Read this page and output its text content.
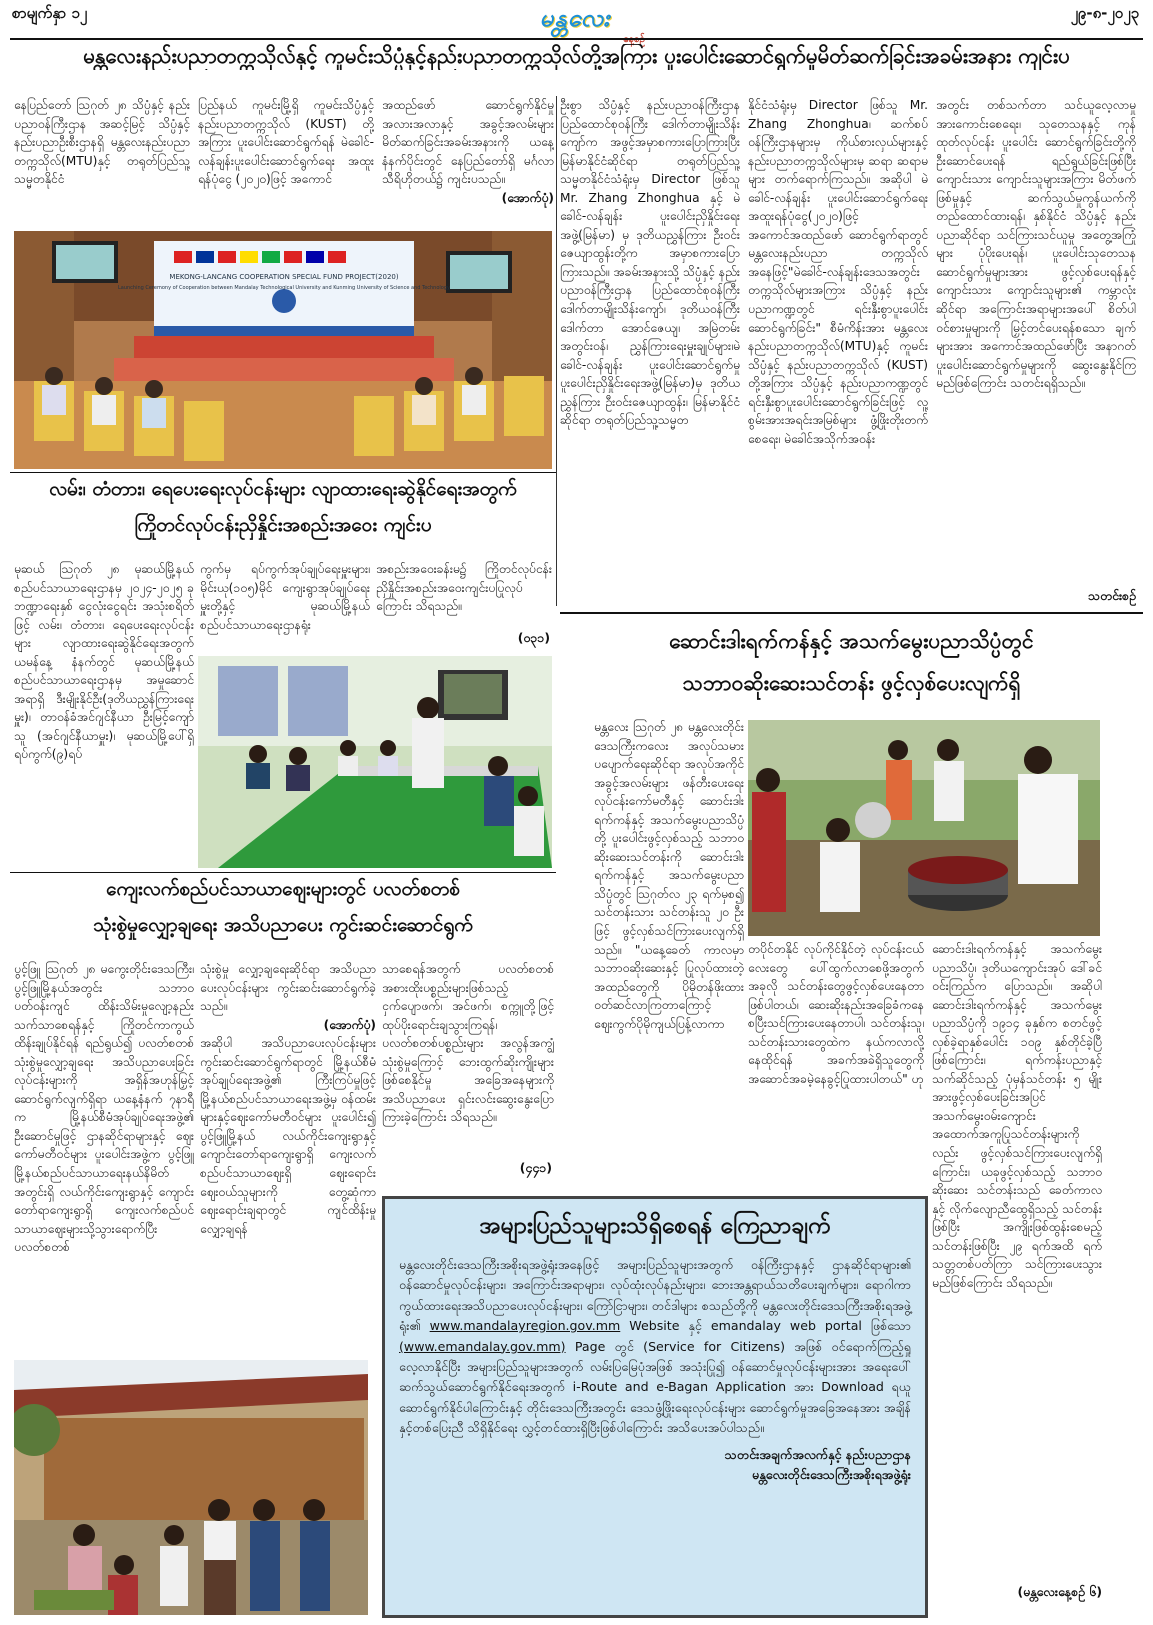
စာမျက်နှာ ၁၂	မန္တလေး	၂၉-၈-၂၀၂၃
မန္တလေးနည်းပညာတက္ကသိုလ်နှင့် ကူမင်းသိပ္ပံနှင့်နည်းပညာတက္ကသိုလ်တို့အကြား ပူးပေါင်းဆောင်ရွက်မှုမိတ်ဆက်ခြင်းအခမ်းအနား ကျင်းပ

နေပြည်တော် ဩဂုတ် ၂၈ သိပ္ပံနှင့် နည်းပညာဝန်ကြီးဌာန အဆင့်မြင့် သိပ္ပံနှင့် နည်းပညာဦးစီးဌာနရှိ မန္တလေးနည်းပညာတက္ကသိုလ်(MTU)နှင့် တရုတ်ပြည်သူ့သမ္မတနိုင်ငံ

ပြည်နယ် ကူမင်းမြို့ရှိ ကူမင်းသိပ္ပံနှင့် နည်းပညာတက္ကသိုလ် (KUST) တို့အကြား ပူးပေါင်းဆောင်ရွက်ရန် မဲခေါင်-လန်ချန်းပူးပေါင်းဆောင်ရွက်ရေး အထူးရန်ပုံငွေ (၂၀၂၀)ဖြင့် အကောင်

အထည်ဖော် ဆောင်ရွက်နိုင်မှု အလားအလာနှင့် အခွင့်အလမ်းများ မိတ်ဆက်ခြင်းအခမ်းအနားကို ယနေ့ နံနက်ပိုင်းတွင် နေပြည်တော်ရှိ မင်္ဂလာသီရိဟိုတယ်၌ ကျင်းပသည်။

(အောက်ပုံ)

MEKONG-LANCANG COOPERATION SPECIAL FUND PROJECT(2020)
Launching Ceremony of Cooperation between Mandalay Technological University and Kunming University of Science and Technology

ဦးစွာ သိပ္ပံနှင့် နည်းပညာဝန်ကြီးဌာန ပြည်ထောင်စုဝန်ကြီး ဒေါက်တာမျိုးသိန်းကျော်က အဖွင့်အမှာစကားပြောကြားပြီး မြန်မာနိုင်ငံဆိုင်ရာ တရုတ်ပြည်သူ့သမ္မတနိုင်ငံသံရုံးမှ Director ဖြစ်သူ Mr. Zhang Zhonghua နှင့် မဲခေါင်-လန်ချန်း ပူးပေါင်းညှိနှိုင်းရေးအဖွဲ့(မြန်မာ) မှ ဒုတိယညွှန်ကြား ဦးဝင်းဇေယျာထွန်းတို့က အမှာစကားပြောကြားသည်။ အခမ်းအနားသို့ သိပ္ပံနှင့် နည်းပညာဝန်ကြီးဌာန ပြည်ထောင်စုဝန်ကြီး ဒေါက်တာမျိုးသိန်းကျော်၊ ဒုတိယဝန်ကြီး ဒေါက်တာ အောင်ဇေယျ၊ အမြဲတမ်းအတွင်းဝန်၊ ညွှန်ကြားရေးမှူးချုပ်များ၊မဲခေါင်-လန်ချန်း ပူးပေါင်းဆောင်ရွက်မှု ပူးပေါင်းညှိနှိုင်းရေးအဖွဲ့(မြန်မာ)မှ ဒုတိယညွှန်ကြား ဦးဝင်းဇေယျာထွန်း၊ မြန်မာနိုင်ငံဆိုင်ရာ တရုတ်ပြည်သူ့သမ္မတ

နိုင်ငံသံရုံးမှ Director ဖြစ်သူ Mr. Zhang Zhonghua၊ ဆက်စပ်ဝန်ကြီးဌာနများမှ ကိုယ်စားလှယ်များနှင့် နည်းပညာတက္ကသိုလ်များမှ ဆရာ ဆရာမများ တက်ရောက်ကြသည်။ အဆိုပါ မဲခေါင်-လန်ချန်း ပူးပေါင်းဆောင်ရွက်ရေး အထူးရန်ပုံငွေ(၂၀၂၀)ဖြင့် အကောင်အထည်ဖော် ဆောင်ရွက်ရာတွင် မန္တလေးနည်းပညာ တက္ကသိုလ်အနေဖြင့်"မဲခေါင်-လန်ချန်းဒေသအတွင်း တက္ကသိုလ်များအကြား သိပ္ပံနှင့် နည်းပညာကဏ္ဍတွင် ရင်းနှီးစွာပူးပေါင်းဆောင်ရွက်ခြင်း" စီမံကိန်းအား မန္တလေး နည်းပညာတက္ကသိုလ်(MTU)နှင့် ကူမင်းသိပ္ပံနှင့် နည်းပညာတက္ကသိုလ် (KUST) တို့အကြား သိပ္ပံနှင့် နည်းပညာကဏ္ဍတွင် ရင်းနှီးစွာပူးပေါင်းဆောင်ရွက်ခြင်းဖြင့် လူ့စွမ်းအားအရင်းအမြစ်များ ဖွံ့ဖြိုးတိုးတက်စေရေး၊ မဲခေါင်အသိုက်အဝန်း

အတွင်း တစ်သက်တာ သင်ယူလေ့လာမှု အားကောင်းစေရေး၊ သုတေသနနှင့် ကုန်ထုတ်လုပ်ငန်း ပူးပေါင်း ဆောင်ရွက်ခြင်းတို့ကို ဦးဆောင်ပေးရန် ရည်ရွယ်ခြင်းဖြစ်ပြီး ကျောင်းသား ကျောင်းသူများအကြား မိတ်ဖက်ဖြစ်မှုနှင့် ဆက်သွယ်မှုကွန်ယက်ကို တည်ထောင်ထားရန်၊ နှစ်နိုင်ငံ သိပ္ပံနှင့် နည်းပညာဆိုင်ရာ သင်ကြားသင်ယူမှု အတွေ့အကြုံများ ပုံပိုးပေးရန်၊ ပူးပေါင်းသုတေသန ဆောင်ရွက်မှုများအား ဖွင့်လှစ်ပေးရန်နှင့် ကျောင်းသား ကျောင်းသူများ၏ ကမ္ဘာလုံးဆိုင်ရာ အကြောင်းအရာများအပေါ် စိတ်ပါဝင်စားမှုများကို မြှင့်တင်ပေးရန်စသော ချက်များအား အကောင်အထည်ဖော်ပြီး အနာဂတ် ပူးပေါင်းဆောင်ရွက်မှုများကို ဆွေးနွေးနိုင်ကြမည်ဖြစ်ကြောင်း သတင်းရရှိသည်။

သတင်းစဉ်
လမ်း၊ တံတား၊ ရေပေးရေးလုပ်ငန်းများ လျာထားရေးဆွဲနိုင်ရေးအတွက်
ကြိုတင်လုပ်ငန်းညှိနှိုင်းအစည်းအဝေး ကျင်းပ

မုဆယ် ဩဂုတ် ၂၈ မုဆယ်မြို့နယ်စည်ပင်သာယာရေးဌာနမှ ၂၀၂၄-၂၀၂၅ ခုဘဏ္ဍာရေးနှစ် ငွေလုံးငွေရင်း အသုံးစရိတ်ဖြင့် လမ်း၊ တံတား၊ ရေပေးရေးလုပ်ငန်းများ လျာထားရေးဆွဲနိုင်ရေးအတွက် ယမန်နေ့ နံနက်တွင် မုဆယ်မြို့နယ်စည်ပင်သာယာရေးဌာနမှ အမှုဆောင်အရာရှိ ဒီးမျိုးနိုင်ဦး(ဒုတိယညွှန်ကြားရေးမှူး)၊ တာဝန်ခံအင်ဂျင်နီယာ ဦးမြင့်ကျော်သူ (အင်ဂျင်နီယာမှူး)၊ မုဆယ်မြို့ပေါ်ရှိ ရပ်ကွက်(၉)ရပ်

ကွက်မှ ရပ်ကွက်အုပ်ချုပ်ရေးမှူးများ၊ မိုင်းယု(၁၀၅)မိုင် ကျေးရွာအုပ်ချုပ်ရေးမှူးတို့နှင့် မုဆယ်မြို့နယ်စည်ပင်သာယာရေးဌာနရုံး

အစည်းအဝေးခန်းမ၌ ကြိုတင်လုပ်ငန်းညှိနှိုင်းအစည်းအဝေးကျင်းပပြုလုပ်ကြောင်း သိရသည်။

(ဝ၃၁)
ကျေးလက်စည်ပင်သာယာဈေးများတွင် ပလတ်စတစ်
သုံးစွဲမှုလျှော့ချရေး အသိပညာပေး ကွင်းဆင်းဆောင်ရွက်

ပွင့်ဖြူ ဩဂုတ် ၂၈ မကွေးတိုင်းဒေသကြီး၊ ပွင့်ဖြူမြို့နယ်အတွင်း သဘာဝပတ်ဝန်းကျင် ထိန်းသိမ်းမှုလျော့နည်းသက်သာစေရန်နှင့် ကြိုတင်ကာကွယ်ထိန်းချုပ်နိုင်ရန် ရည်ရွယ်၍ ပလတ်စတစ်သုံးစွဲမှုလျှော့ချရေး အသိပညာပေးခြင်းလုပ်ငန်းများကို အရှိန်အဟုန်မြှင့် ဆောင်ရွက်လျက်ရှိရာ ယနေ့နံနက် ၇နာရီက မြို့နယ်စီမံအုပ်ချုပ်ရေးအဖွဲ့၏ ဦးဆောင်မှုဖြင့် ဌာနဆိုင်ရာများနှင့် ဈေးကော်မတီဝင်များ ပူးပေါင်းအဖွဲ့က ပွင့်ဖြူမြို့နယ်စည်ပင်သာယာရေးနယ်နိမိတ်အတွင်းရှိ လယ်ကိုင်းကျေးရွာနှင့် ကျောင်းတော်ရာကျေးရွာရှိ ကျေးလက်စည်ပင်သာယာဈေးများသို့သွားရောက်ပြီး ပလတ်စတစ်

သုံးစွဲမှု လျှော့ချရေးဆိုင်ရာ အသိပညာပေးလုပ်ငန်းများ ကွင်းဆင်းဆောင်ရွက်ခဲ့သည်။

(အောက်ပုံ)

အဆိုပါ အသိပညာပေးလုပ်ငန်းများ ကွင်းဆင်းဆောင်ရွက်ရာတွင် မြို့နယ်စီမံအုပ်ချုပ်ရေးအဖွဲ့၏ ကြီးကြပ်မှုဖြင့် မြို့နယ်စည်ပင်သာယာရေးအဖွဲ့မှ ဝန်ထမ်းများနှင့်ဈေးကော်မတီဝင်များ ပူးပေါင်း၍ ပွင့်ဖြူမြို့နယ် လယ်ကိုင်းကျေးရွာနှင့် ကျောင်းတော်ရာကျေးရွာရှိ ကျေးလက်စည်ပင်သာယာဈေးရှိ ဈေးရောင်းဈေးဝယ်သူများကို တွေ့ဆုံကာ ဈေးရောင်းချရာတွင် ကျင်ထိန်းမှု လျှော့ချရန်

သာစေရန်အတွက် ပလတ်စတစ်အစားထိုးပစ္စည်းများဖြစ်သည့် ငှက်ပျောဖက်၊ အင်ဖက်၊ စက္ကူတို့ဖြင့် ထုပ်ပိုးရောင်းချသွားကြရန်၊ ပလတ်စတစ်ပစ္စည်းများ အလွန်အကျွံသုံးစွဲမှုကြောင့် ဘေးထွက်ဆိုးကျိုးများဖြစ်စေနိုင်မှု အခြေအနေများကို အသိပညာပေး ရှင်းလင်းဆွေးနွေးပြောကြားခဲ့ကြောင်း သိရသည်။

(၄၄၁)
ဆောင်းဒါးရက်ကန်နှင့် အသက်မွေးပညာသိပ္ပံတွင်
သဘာဝဆိုးဆေးသင်တန်း ဖွင့်လှစ်ပေးလျက်ရှိ

မန္တလေး ဩဂုတ် ၂၈ မန္တလေးတိုင်းဒေသကြီးကလေး အလုပ်သမားပပျောက်ရေးဆိုင်ရာ အလုပ်အကိုင်အခွင့်အလမ်းများ ဖန်တီးပေးရေးလုပ်ငန်းကော်မတီနှင့် ဆောင်းဒါးရက်ကန်နှင့် အသက်မွေးပညာသိပ္ပံတို့ ပူးပေါင်းဖွင့်လှစ်သည့် သဘာဝဆိုးဆေးသင်တန်းကို ဆောင်းဒါးရက်ကန်နှင့် အသက်မွေးပညာ သိပ္ပံတွင် ဩဂုတ်လ ၂၃ ရက်မှစ၍ သင်တန်းသား သင်တန်းသူ ၂၀ ဦးဖြင့် ဖွင့်လှစ်သင်ကြားပေးလျက်ရှိသည်။ "ယနေ့ခေတ် ကာလမှာ သဘာဝဆိုးဆေးနှင့် ပြုလုပ်ထားတဲ့ အထည်တွေကို ပိုမိုတန်ဖိုးထား ဝတ်ဆင်လာကြတာကြောင့် ဈေးကွက်ပိုမိုကျယ်ပြန့်လာကာ

တပိုင်တနိုင် လုပ်ကိုင်နိုင်တဲ့ လုပ်ငန်းငယ်လေးတွေ ပေါ်ထွက်လာစေဖို့အတွက် အခုလို သင်တန်းတွေဖွင့်လှစ်ပေးနေတာ ဖြစ်ပါတယ်၊ ဆေးဆိုးနည်းအခြေခံကနေ စပြီးသင်ကြားပေးနေတာပါ၊ သင်တန်းသူ၊ သင်တန်းသားတွေထဲက နယ်ကလာလို့နေထိုင်ရန် အခက်အခဲရှိသူတွေကို အဆောင်အခမဲ့နေခွင့်ပြုထားပါတယ်" ဟု

ဆောင်းဒါးရက်ကန်နှင့် အသက်မွေး ပညာသိပ္ပံ၊ ဒုတိယကျောင်းအုပ် ဒေါ်ခင်ဝင်းကြည်က ပြောသည်။ အဆိုပါ ဆောင်းဒါးရက်ကန်နှင့် အသက်မွေးပညာသိပ္ပံကို ၁၉၁၄ ခုနှစ်က စတင်ဖွင့်လှစ်ခဲ့ရာနှစ်ပေါင်း ၁၀၉ နှစ်တိုင်ခဲ့ပြီဖြစ်ကြောင်း၊ ရက်ကန်းပညာနှင့် သက်ဆိုင်သည့် ပုံမှန်သင်တန်း ၅ မျိုးအားဖွင့်လှစ်ပေးခြင်းအပြင် အသက်မွေးဝမ်းကျောင်း အထောက်အကူပြုသင်တန်းများကိုလည်း ဖွင့်လှစ်သင်ကြားပေးလျက်ရှိကြောင်း၊ ယခုဖွင့်လှစ်သည့် သဘာဝဆိုးဆေး သင်တန်းသည် ခေတ်ကာလနှင့် လိုက်လျောညီထွေရှိသည့် သင်တန်းဖြစ်ပြီး အကျိုးဖြစ်ထွန်းစေမည့် သင်တန်းဖြစ်ပြီး ၂၉ ရက်အထိ ရက်သတ္တတစ်ပတ်ကြာ သင်ကြားပေးသွားမည်ဖြစ်ကြောင်း သိရသည်။

(မန္တလေးနေ့စဉ် ၆)
အများပြည်သူများသိရှိစေရန် ကြေညာချက်
မန္တလေးတိုင်းဒေသကြီးအစိုးရအဖွဲ့ရုံးအနေဖြင့် အများပြည်သူများအတွက် ဝန်ကြီးဌာနနှင့် ဌာနဆိုင်ရာများ၏ ဝန်ဆောင်မှုလုပ်ငန်းများ၊ အကြောင်းအရာများ၊ လုပ်ထုံးလုပ်နည်းများ၊ ဘေးအန္တရာယ်သတိပေးချက်များ၊ ရောဂါကာကွယ်ထားရေးအသိပညာပေးလုပ်ငန်းများ၊ ကြော်ငြာများ၊ တင်ဒါများ စသည်တို့ကို မန္တလေးတိုင်းဒေသကြီးအစိုးရအဖွဲ့ရုံး၏ www.mandalayregion.gov.mm Website နှင့် emandalay web portal ဖြစ်သော (www.emandalay.gov.mm) Page တွင် (Service for Citizens) အဖြစ် ဝင်ရောက်ကြည့်ရှု လေ့လာနိုင်ပြီး အများပြည်သူများအတွက် လမ်းပြမြေပုံအဖြစ် အသုံးပြု၍ ဝန်ဆောင်မှုလုပ်ငန်းများအား အရေးပေါ်ဆက်သွယ်ဆောင်ရွက်နိုင်ရေးအတွက် i-Route and e-Bagan Application အား Download ရယူဆောင်ရွက်နိုင်ပါကြောင်းနှင့် တိုင်းဒေသကြီးအတွင်း ဒေသဖွံ့ဖြိုးရေးလုပ်ငန်းများ ဆောင်ရွက်မှုအခြေအနေအား အချိန်နှင့်တစ်ပြေးညီ သိရှိနိုင်ရေး လွှင့်တင်ထားရှိပြီးဖြစ်ပါကြောင်း အသိပေးအပ်ပါသည်။
သတင်းအချက်အလက်နှင့် နည်းပညာဌာန
မန္တလေးတိုင်းဒေသကြီးအစိုးရအဖွဲ့ရုံး
